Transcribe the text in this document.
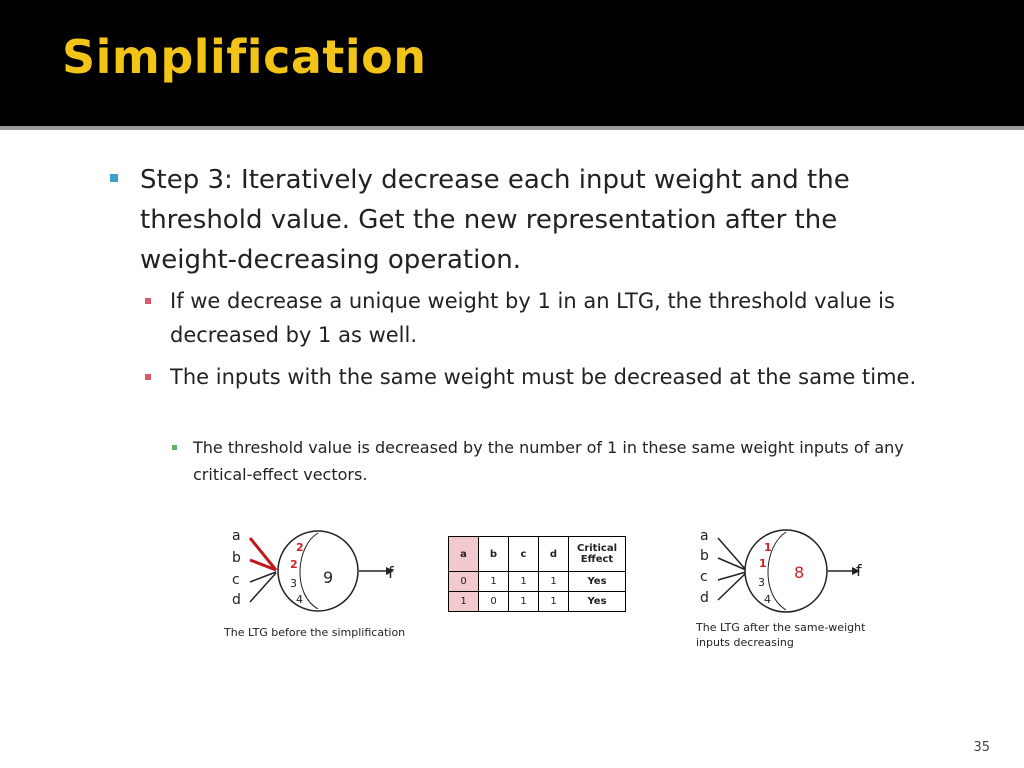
Simplification
Step 3: Iteratively decrease each input weight and the threshold value. Get the new representation after the weight-decreasing operation.
If we decrease a unique weight by 1 in an LTG, the threshold value is decreased by 1 as well.
The inputs with the same weight must be decreased at the same time.
The threshold value is decreased by the number of 1 in these same weight inputs of any critical-effect vectors.
a
b
c
d
2
2
3
4
9	f
The LTG before the simplification
a	b	c	d	Critical Effect
0	1	1	1	Yes
1	0	1	1	Yes
a
b
c
d
1
1
3
4
8	f
The LTG after the same-weight inputs decreasing
35
